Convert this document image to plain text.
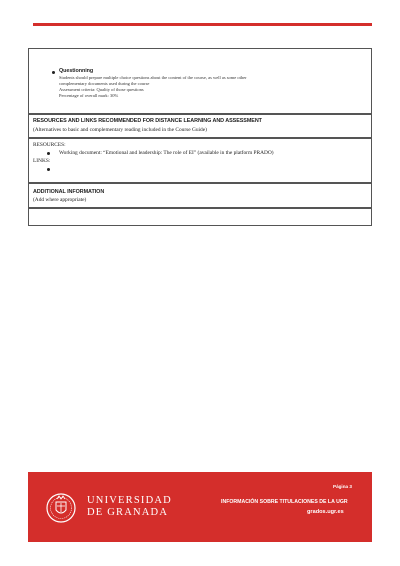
Questionning
Students should prepare multiple choice questions about the content of the course, as well as some other
complementary documents used during the course
Assessment criteria: Quality of those questions
Percentage of overall mark: 30%
RESOURCES AND LINKS RECOMMENDED FOR DISTANCE LEARNING AND ASSESSMENT
(Alternatives to basic and complementary reading included in the Course Guide)
RESOURCES:
Working document: “Emotional and leadership: The role of EI” (available in the platform PRADO)
LINKS:
ADDITIONAL INFORMATION
(Add where appropriate)
UNIVERSIDAD
DE GRANADA
Página 3
INFORMACIÓN SOBRE TITULACIONES DE LA UGR
grados.ugr.es
